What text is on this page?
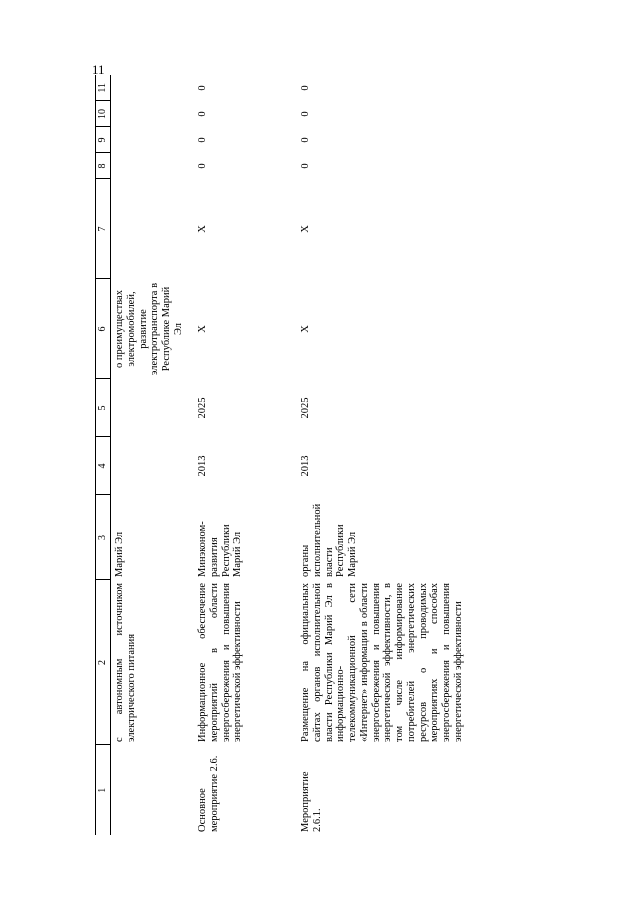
11
1	2	3	4	5	6	7	8	9	10	11
	с автономным источником электрического питания	Марий Эл			о преимуществах электромобилей, развитие электротранспорта в Республике Марий Эл					
Основное мероприятие 2.6.	Информационное обеспечение мероприятий в области энергосбережения и повышения энергетической эффективности	Минэконом-развития Республики Марий Эл	2013	2025	X	X	0	0	0	0
Мероприятие 2.6.1.	Размещение на официальных сайтах органов исполнительной власти Республики Марий Эл в информационно-телекоммуникационной сети «Интернет» информации в области энергосбережения и повышения энергетической эффективности, в том числе информирование потребителей энергетических ресурсов о проводимых мероприятиях и способах энергосбережения и повышения энергетической эффективности	органы исполнительной власти Республики Марий Эл	2013	2025	X	X	0	0	0	0
